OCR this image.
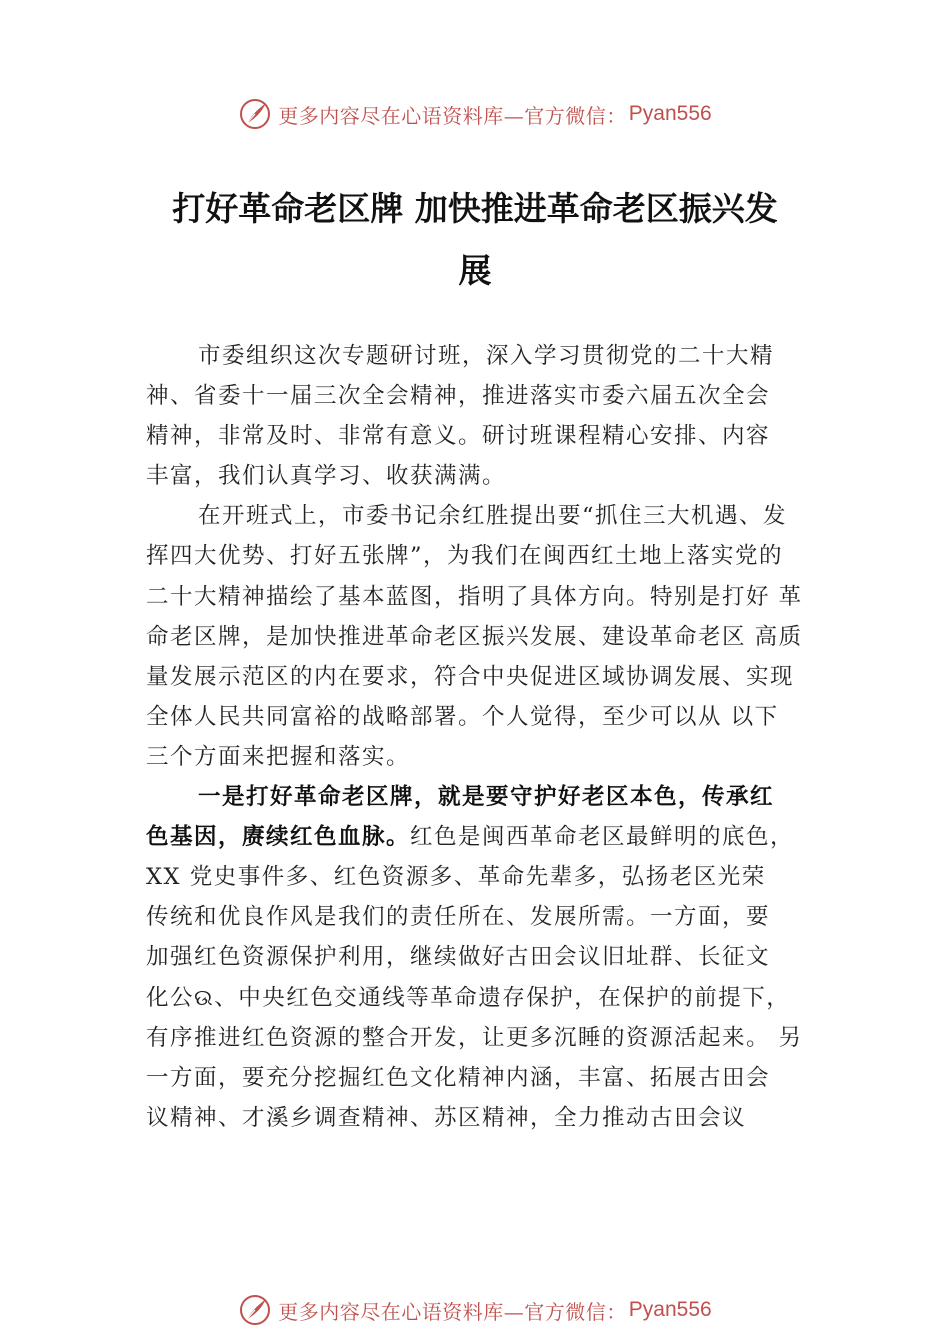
更多内容尽在心语资料库—官方微信： Pyan556
打好革命老区牌 加快推进革命老区振兴发
展
市委组织这次专题研讨班，深入学习贯彻党的二十大精
神、省委十一届三次全会精神，推进落实市委六届五次全会
精神，非常及时、非常有意义。研讨班课程精心安排、内容
丰富，我们认真学习、收获满满。
在开班式上，市委书记余红胜提出要“抓住三大机遇、发
挥四大优势、打好五张牌”，为我们在闽西红土地上落实党的
二十大精神描绘了基本蓝图，指明了具体方向。特别是打好 革
命老区牌，是加快推进革命老区振兴发展、建设革命老区 高质
量发展示范区的内在要求，符合中央促进区域协调发展、实现
全体人民共同富裕的战略部署。个人觉得，至少可以从 以下
三个方面来把握和落实。
一是打好革命老区牌，就是要守护好老区本色，传承红
色基因，赓续红色血脉。红色是闽西革命老区最鲜明的底色，
XX 党史事件多、红色资源多、革命先辈多，弘扬老区光荣
传统和优良作风是我们的责任所在、发展所需。一方面，要
加强红色资源保护利用，继续做好古田会议旧址群、长征文
化公ଉ、中央红色交通线等革命遗存保护，在保护的前提下，
有序推进红色资源的整合开发，让更多沉睡的资源活起来。 另
一方面，要充分挖掘红色文化精神内涵，丰富、拓展古田会
议精神、才溪乡调查精神、苏区精神，全力推动古田会议
更多内容尽在心语资料库—官方微信： Pyan556
